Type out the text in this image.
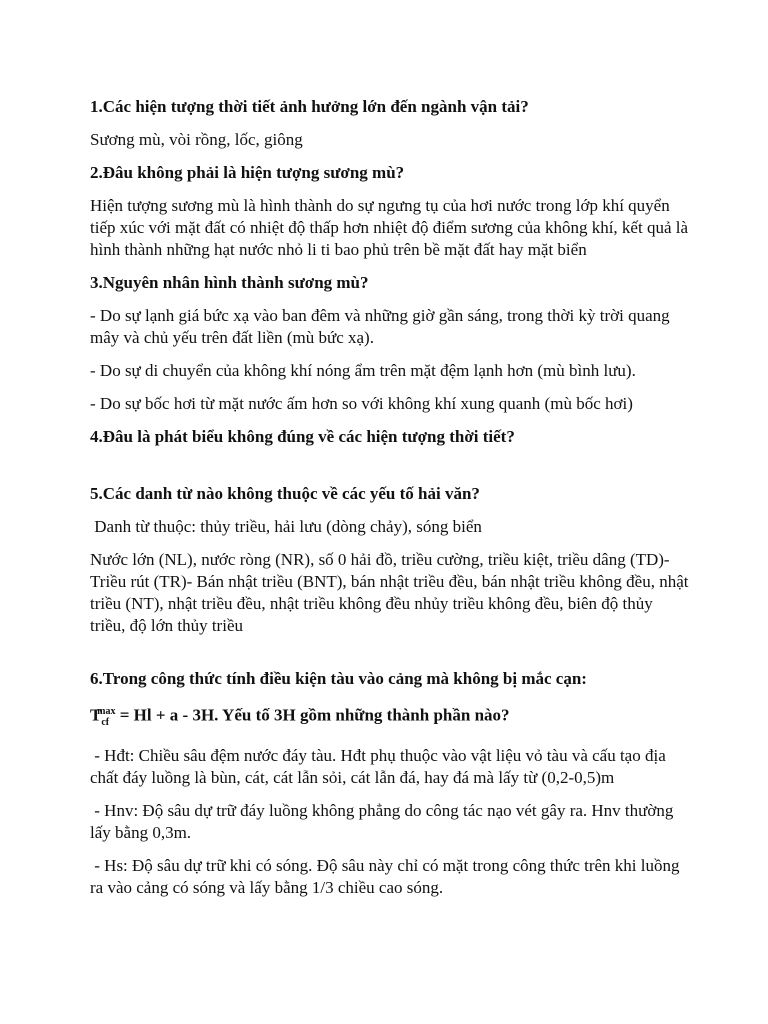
1.Các hiện tượng thời tiết ảnh hưởng lớn đến ngành vận tải?

Sương mù, vòi rồng, lốc, giông

2.Đâu không phải là hiện tượng sương mù?

Hiện tượng sương mù là hình thành do sự ngưng tụ của hơi nước trong lớp khí quyển tiếp xúc với mặt đất có nhiệt độ thấp hơn nhiệt độ điểm sương của không khí, kết quả là hình thành những hạt nước nhỏ li ti bao phủ trên bề mặt đất hay mặt biển

3.Nguyên nhân hình thành sương mù?

- Do sự lạnh giá bức xạ vào ban đêm và những giờ gần sáng, trong thời kỳ trời quang mây và chủ yếu trên đất liền (mù bức xạ).

- Do sự di chuyển của không khí nóng ẩm trên mặt đệm lạnh hơn (mù bình lưu).

- Do sự bốc hơi từ mặt nước ấm hơn so với không khí xung quanh (mù bốc hơi)

4.Đâu là phát biểu không đúng về các hiện tượng thời tiết?

5.Các danh từ nào không thuộc về các yếu tố hải văn?

Danh từ thuộc: thủy triều, hải lưu (dòng chảy), sóng biển

Nước lớn (NL), nước ròng (NR), số 0 hải đồ, triều cường, triều kiệt, triều dâng (TD)- Triều rút (TR)- Bán nhật triều (BNT), bán nhật triều đều, bán nhật triều không đều, nhật triều (NT), nhật triều đều, nhật triều không đều nhủy triều không đều, biên độ thủy triều, độ lớn thủy triều

6.Trong công thức tính điều kiện tàu vào cảng mà không bị mắc cạn:

$T_{cf}^{max} = Hl + a - 3H$. Yếu tố 3H gồm những thành phần nào?

- Hđt: Chiều sâu đệm nước đáy tàu. Hđt phụ thuộc vào vật liệu vỏ tàu và cấu tạo địa chất đáy luồng là bùn, cát, cát lẫn sỏi, cát lẫn đá, hay đá mà lấy từ (0,2-0,5)m

- Hnv: Độ sâu dự trữ đáy luồng không phẳng do công tác nạo vét gây ra. Hnv thường lấy bằng 0,3m.

- Hs: Độ sâu dự trữ khi có sóng. Độ sâu này chỉ có mặt trong công thức trên khi luồng ra vào cảng có sóng và lấy bằng 1/3 chiều cao sóng.
